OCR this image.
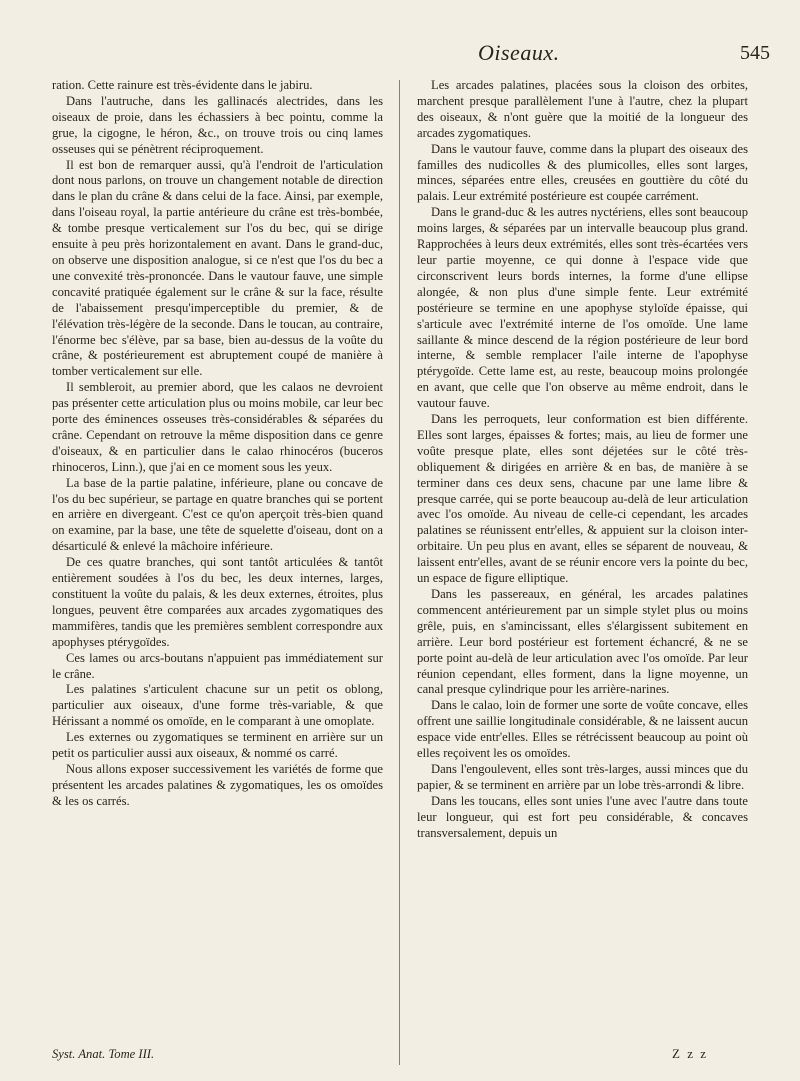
Oiseaux.	545

ration. Cette rainure est très-évidente dans le jabiru.

Dans l'autruche, dans les gallinacés alectrides, dans les oiseaux de proie, dans les échassiers à bec pointu, comme la grue, la cigogne, le héron, &c., on trouve trois ou cinq lames osseuses qui se pénètrent réciproquement.

Il est bon de remarquer aussi, qu'à l'endroit de l'articulation dont nous parlons, on trouve un changement notable de direction dans le plan du crâne & dans celui de la face. Ainsi, par exemple, dans l'oiseau royal, la partie antérieure du crâne est très-bombée, & tombe presque verticalement sur l'os du bec, qui se dirige ensuite à peu près horizontalement en avant. Dans le grand-duc, on observe une disposition analogue, si ce n'est que l'os du bec a une convexité très-prononcée. Dans le vautour fauve, une simple concavité pratiquée également sur le crâne & sur la face, résulte de l'abaissement presqu'imperceptible du premier, & de l'élévation très-légère de la seconde. Dans le toucan, au contraire, l'énorme bec s'élève, par sa base, bien au-dessus de la voûte du crâne, & postérieurement est abruptement coupé de manière à tomber verticalement sur elle.

Il sembleroit, au premier abord, que les calaos ne devroient pas présenter cette articulation plus ou moins mobile, car leur bec porte des éminences osseuses très-considérables & séparées du crâne. Cependant on retrouve la même disposition dans ce genre d'oiseaux, & en particulier dans le calao rhinocéros (buceros rhinoceros, Linn.), que j'ai en ce moment sous les yeux.

La base de la partie palatine, inférieure, plane ou concave de l'os du bec supérieur, se partage en quatre branches qui se portent en arrière en divergeant. C'est ce qu'on aperçoit très-bien quand on examine, par la base, une tête de squelette d'oiseau, dont on a désarticulé & enlevé la mâchoire inférieure.

De ces quatre branches, qui sont tantôt articulées & tantôt entièrement soudées à l'os du bec, les deux internes, larges, constituent la voûte du palais, & les deux externes, étroites, plus longues, peuvent être comparées aux arcades zygomatiques des mammifères, tandis que les premières semblent correspondre aux apophyses ptérygoïdes.

Ces lames ou arcs-boutans n'appuient pas immédiatement sur le crâne.

Les palatines s'articulent chacune sur un petit os oblong, particulier aux oiseaux, d'une forme très-variable, & que Hérissant a nommé os omoïde, en le comparant à une omoplate.

Les externes ou zygomatiques se terminent en arrière sur un petit os particulier aussi aux oiseaux, & nommé os carré.

Nous allons exposer successivement les variétés de forme que présentent les arcades palatines & zygomatiques, les os omoïdes & les os carrés.

Les arcades palatines, placées sous la cloison des orbites, marchent presque parallèlement l'une à l'autre, chez la plupart des oiseaux, & n'ont guère que la moitié de la longueur des arcades zygomatiques.

Dans le vautour fauve, comme dans la plupart des oiseaux des familles des nudicolles & des plumicolles, elles sont larges, minces, séparées entre elles, creusées en gouttière du côté du palais. Leur extrémité postérieure est coupée carrément.

Dans le grand-duc & les autres nyctériens, elles sont beaucoup moins larges, & séparées par un intervalle beaucoup plus grand. Rapprochées à leurs deux extrémités, elles sont très-écartées vers leur partie moyenne, ce qui donne à l'espace vide que circonscrivent leurs bords internes, la forme d'une ellipse alongée, & non plus d'une simple fente. Leur extrémité postérieure se termine en une apophyse styloïde épaisse, qui s'articule avec l'extrémité interne de l'os omoïde. Une lame saillante & mince descend de la région postérieure de leur bord interne, & semble remplacer l'aile interne de l'apophyse ptérygoïde. Cette lame est, au reste, beaucoup moins prolongée en avant, que celle que l'on observe au même endroit, dans le vautour fauve.

Dans les perroquets, leur conformation est bien différente. Elles sont larges, épaisses & fortes; mais, au lieu de former une voûte presque plate, elles sont déjetées sur le côté très-obliquement & dirigées en arrière & en bas, de manière à se terminer dans ces deux sens, chacune par une lame libre & presque carrée, qui se porte beaucoup au-delà de leur articulation avec l'os omoïde. Au niveau de celle-ci cependant, les arcades palatines se réunissent entr'elles, & appuient sur la cloison inter-orbitaire. Un peu plus en avant, elles se séparent de nouveau, & laissent entr'elles, avant de se réunir encore vers la pointe du bec, un espace de figure elliptique.

Dans les passereaux, en général, les arcades palatines commencent antérieurement par un simple stylet plus ou moins grêle, puis, en s'amincissant, elles s'élargissent subitement en arrière. Leur bord postérieur est fortement échancré, & ne se porte point au-delà de leur articulation avec l'os omoïde. Par leur réunion cependant, elles forment, dans la ligne moyenne, un canal presque cylindrique pour les arrière-narines.

Dans le calao, loin de former une sorte de voûte concave, elles offrent une saillie longitudinale considérable, & ne laissent aucun espace vide entr'elles. Elles se rétrécissent beaucoup au point où elles reçoivent les os omoïdes.

Dans l'engoulevent, elles sont très-larges, aussi minces que du papier, & se terminent en arrière par un lobe très-arrondi & libre.

Dans les toucans, elles sont unies l'une avec l'autre dans toute leur longueur, qui est fort peu considérable, & concaves transversalement, depuis un

Syst. Anat. Tome III.	Z z z
